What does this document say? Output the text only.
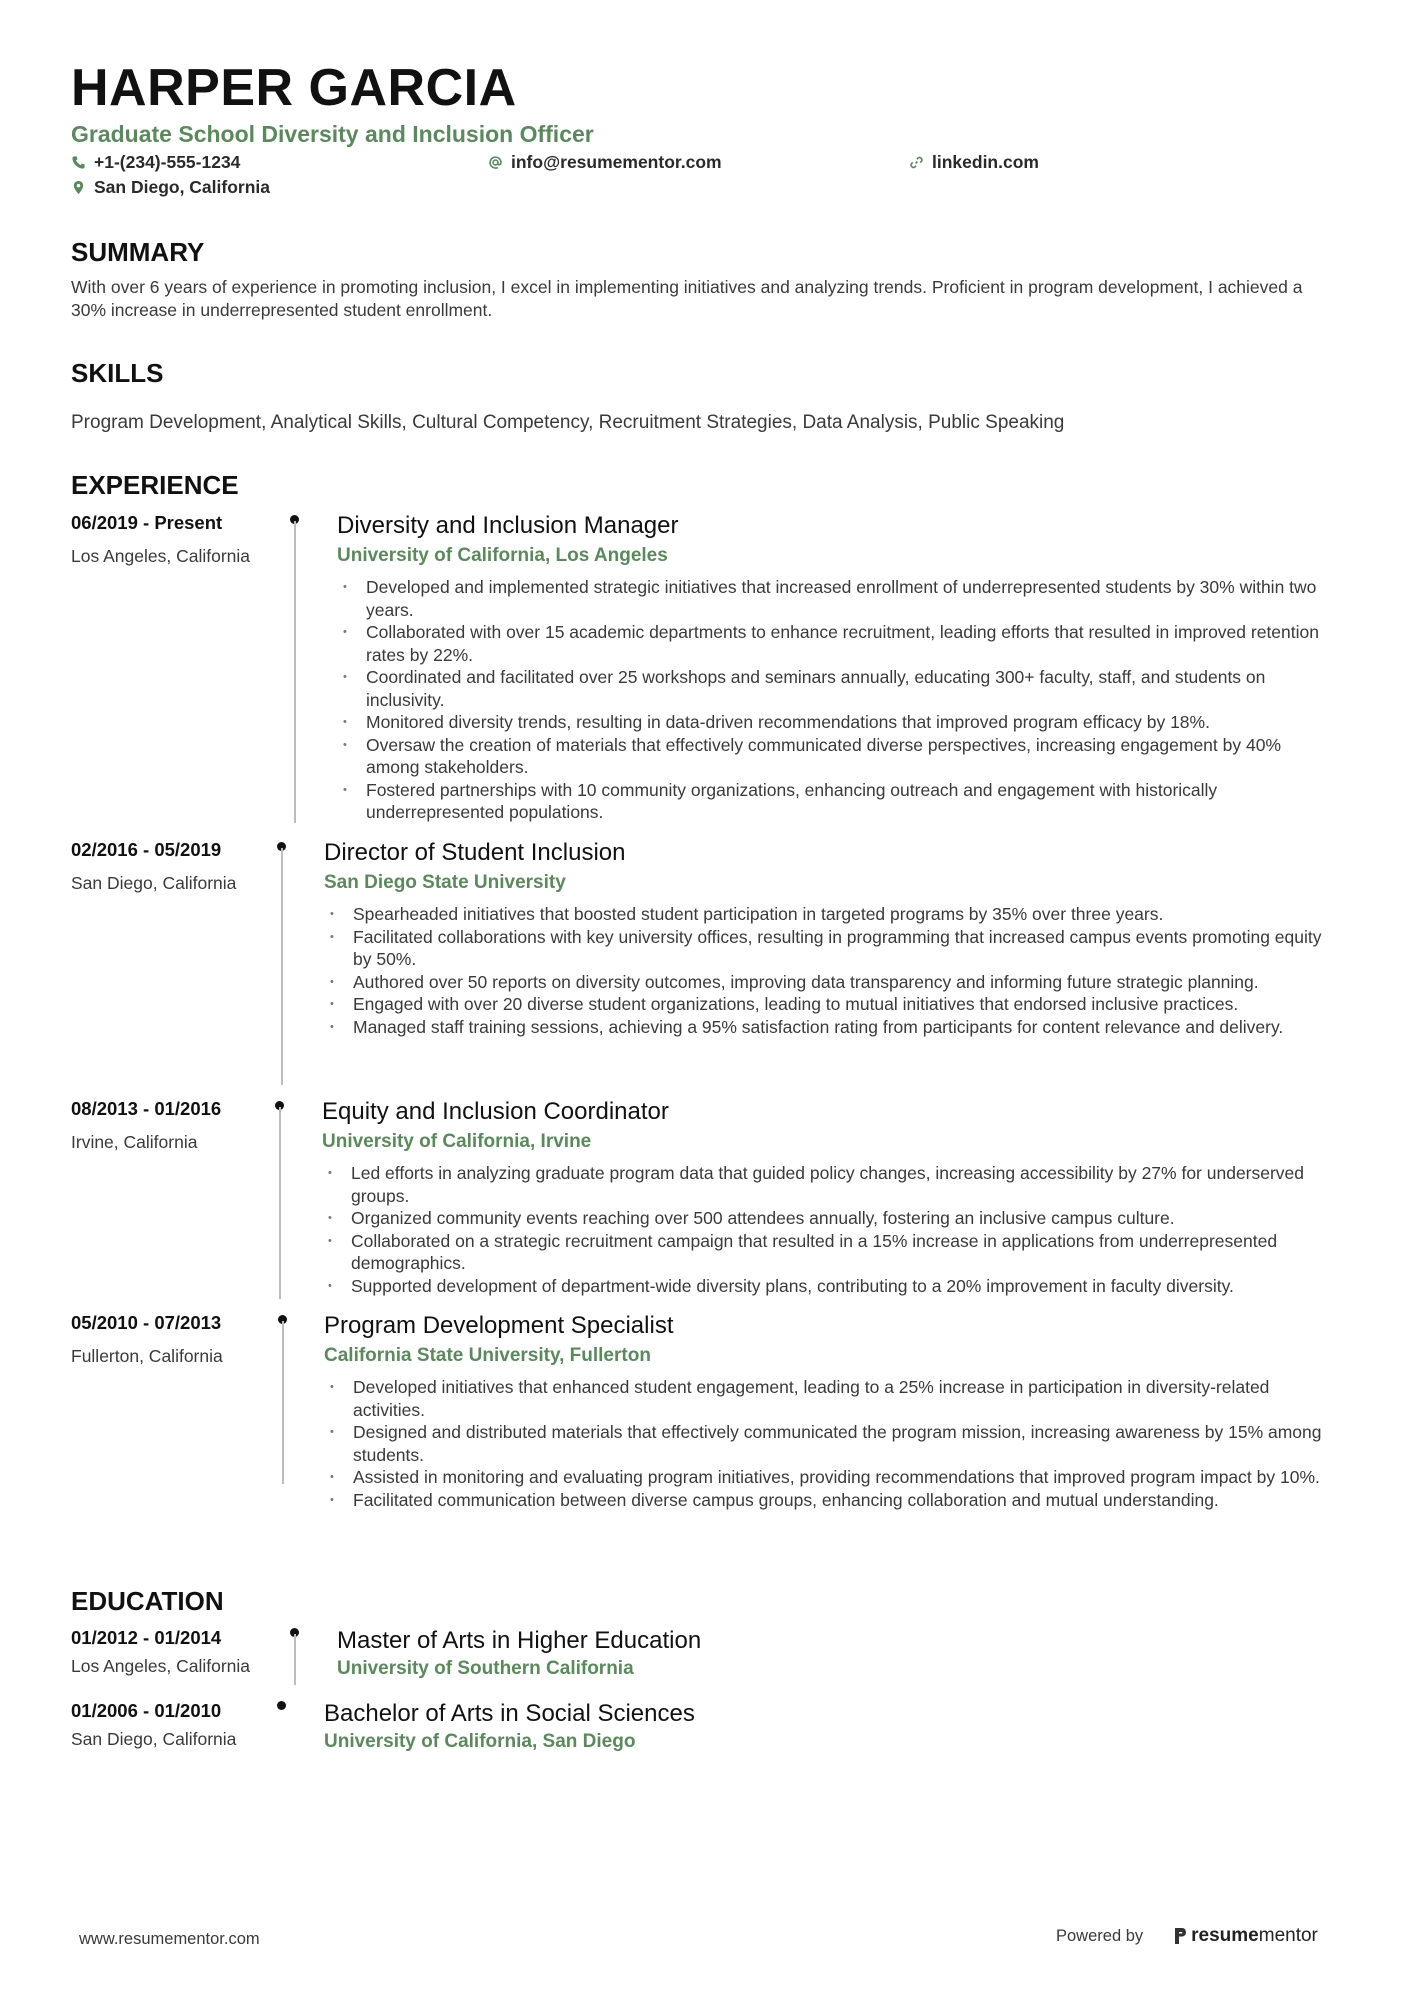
HARPER GARCIA
Graduate School Diversity and Inclusion Officer
+1-(234)-555-1234	info@resumementor.com	linkedin.com
San Diego, California
SUMMARY
With over 6 years of experience in promoting inclusion, I excel in implementing initiatives and analyzing trends. Proficient in program development, I achieved a 30% increase in underrepresented student enrollment.
SKILLS
Program Development, Analytical Skills, Cultural Competency, Recruitment Strategies, Data Analysis, Public Speaking
EXPERIENCE
06/2019 - Present
Los Angeles, California
Diversity and Inclusion Manager
University of California, Los Angeles
• Developed and implemented strategic initiatives that increased enrollment of underrepresented students by 30% within two years.
• Collaborated with over 15 academic departments to enhance recruitment, leading efforts that resulted in improved retention rates by 22%.
• Coordinated and facilitated over 25 workshops and seminars annually, educating 300+ faculty, staff, and students on inclusivity.
• Monitored diversity trends, resulting in data-driven recommendations that improved program efficacy by 18%.
• Oversaw the creation of materials that effectively communicated diverse perspectives, increasing engagement by 40% among stakeholders.
• Fostered partnerships with 10 community organizations, enhancing outreach and engagement with historically underrepresented populations.
02/2016 - 05/2019
San Diego, California
Director of Student Inclusion
San Diego State University
• Spearheaded initiatives that boosted student participation in targeted programs by 35% over three years.
• Facilitated collaborations with key university offices, resulting in programming that increased campus events promoting equity by 50%.
• Authored over 50 reports on diversity outcomes, improving data transparency and informing future strategic planning.
• Engaged with over 20 diverse student organizations, leading to mutual initiatives that endorsed inclusive practices.
• Managed staff training sessions, achieving a 95% satisfaction rating from participants for content relevance and delivery.
08/2013 - 01/2016
Irvine, California
Equity and Inclusion Coordinator
University of California, Irvine
• Led efforts in analyzing graduate program data that guided policy changes, increasing accessibility by 27% for underserved groups.
• Organized community events reaching over 500 attendees annually, fostering an inclusive campus culture.
• Collaborated on a strategic recruitment campaign that resulted in a 15% increase in applications from underrepresented demographics.
• Supported development of department-wide diversity plans, contributing to a 20% improvement in faculty diversity.
05/2010 - 07/2013
Fullerton, California
Program Development Specialist
California State University, Fullerton
• Developed initiatives that enhanced student engagement, leading to a 25% increase in participation in diversity-related activities.
• Designed and distributed materials that effectively communicated the program mission, increasing awareness by 15% among students.
• Assisted in monitoring and evaluating program initiatives, providing recommendations that improved program impact by 10%.
• Facilitated communication between diverse campus groups, enhancing collaboration and mutual understanding.
EDUCATION
01/2012 - 01/2014
Los Angeles, California
Master of Arts in Higher Education
University of Southern California
01/2006 - 01/2010
San Diego, California
Bachelor of Arts in Social Sciences
University of California, San Diego
www.resumementor.com	Powered by	resume mentor
